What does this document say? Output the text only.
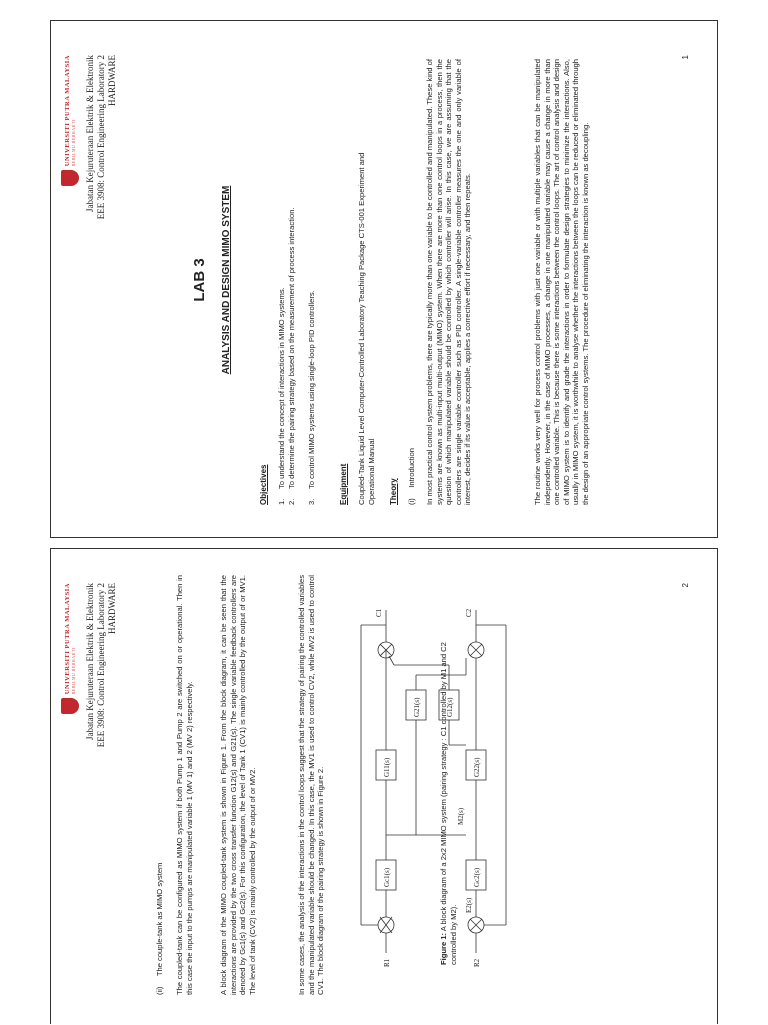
UNIVERSITI PUTRA MALAYSIA BERILMU BERBAKTI Jabatan Kejuruteraan Elektrik & Elektronik EEE 3908: Control Engineering Laboratory 2 HARDWARE
LAB 3 ANALYSIS AND DESIGN MIMO SYSTEM
Objectives 1.To understand the concept of interactions in MIMO systems.
2.To determine the pairing strategy based on the measurement of process interaction.
3.To control MIMO systems using single-loop PID controllers.	Equipment Coupled-Tank Liquid Level Computer-Controlled Laboratory Teaching Package CTS-001 Experiment and Operational Manual Theory (i)     Introduction In most practical control system problems, there are typically more than one variable to be controlled and manipulated. These kind of systems are known as multi-input multi-output (MIMO) system. When there are more than one control loops in a process, then the question of which manipulated variable should be controlled by which controller will arise. In this case, we are assuming that the controllers are single variable controller such as PID controller. A single-variable controller measures the one and only variable of interest, decides if its value is acceptable, applies a corrective effort if necessary, and then repeats.	The routine works very well for process control problems with just one variable or with multiple variables that can be manipulated independently. However, in the case of MIMO processes, a change in one manipulated variable may cause a change in more than one controlled variable. This is because there is some interactions between the control loops. The art of control analysis and design of MIMO system is to identify and grade the interactions in order to formulate design strategies to minimize the interactions. Also, usually in MIMO system, it is worthwhile to analyse whether the interactions between the loops can be reduced or eliminated through the design of an appropriate control systems. The procedure of eliminating the interaction is known as decoupling.
1
UNIVERSITI PUTRA MALAYSIA BERILMU BERBAKTI Jabatan Kejuruteraan Elektrik & Elektronik EEE 3908: Control Engineering Laboratory 2 HARDWARE
(ii)     The couple-tank as MIMO system The coupled-tank can be configured as MIMO system if both Pump 1 and Pump 2 are switched on or operational. Then in this case the input to the pumps are manipulated variable 1 (MV 1) and 2 (MV 2) respectively.	A block diagram of the MIMO coupled-tank system is shown in Figure 1. From the block diagram, it can be seen that the interactions are provided by the two cross transfer function G12(s) and G21(s). The single variable feedback controllers are denoted by Gc1(s) and Gc2(s). For this configuration, the level of Tank 1 (CV1) is mainly controlled by the output of or MV1. The level of tank (CV2) is mainly controlled by the output of or MV2.	In some cases, the analysis of the interactions in the control loops suggest that the strategy of pairing the controlled variables and the manipulated variable should be changed. In this case, the MV1 is used to control CV2, while MV2 is used to control CV1. The block diagram of the pairing strategy is shown in Figure 2.	R1	R2
C1	C2
E2(s)
M2(s)
Gc1(s)	Gc2(s)
G11(s)
G21(s)	G12(s)
G22(s)
Figure 1: A block diagram of a 2x2 MIMO system (pairing strategy : C1 controlled by M1 and C2 controlled by M2).
2
